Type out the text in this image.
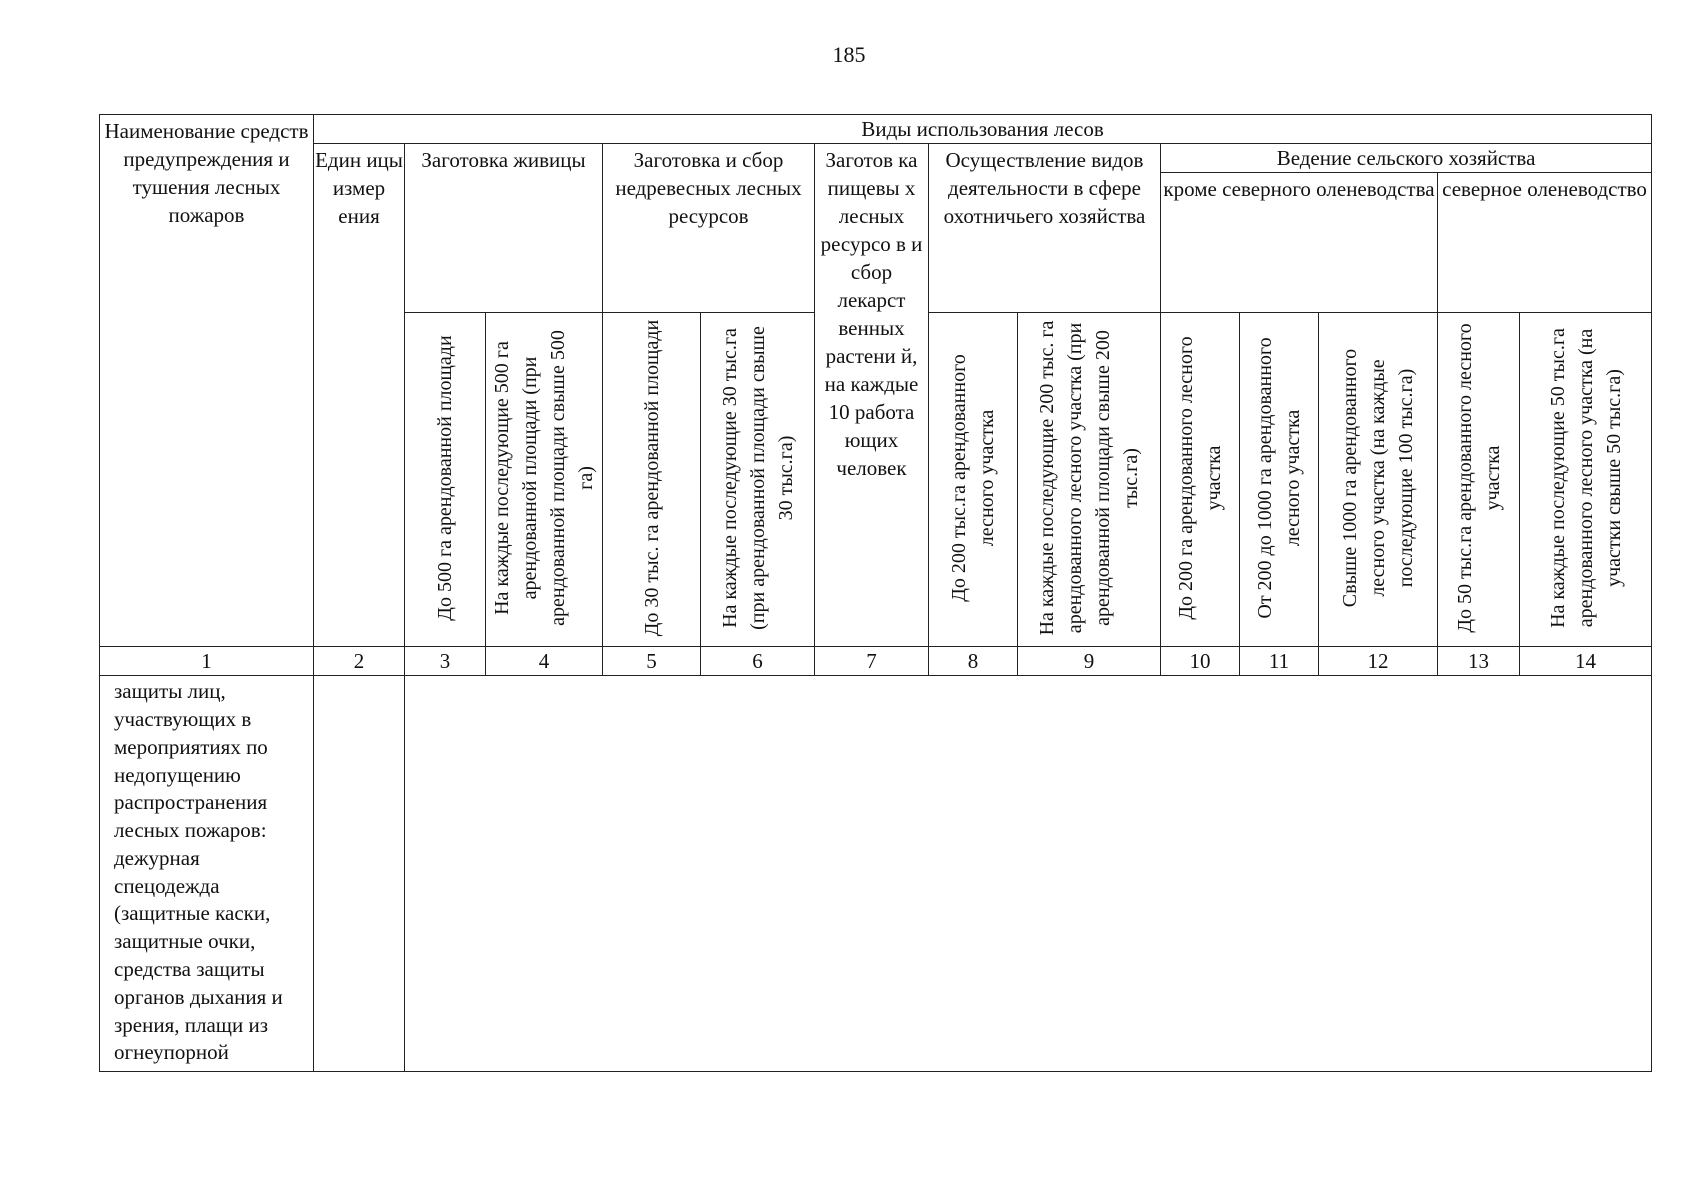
185
Наименование средств предупреждения и тушения лесных пожаров	Виды использования лесов												
	Един ицы измер ения	Заготовка живицы		Заготовка и сбор недревесных лесных ресурсов		Заготов ка пищевы х лесных ресурсо в и сбор лекарст венных растени й, на каждые 10 работа ющих человек	Осуществление видов деятельности в сфере охотничьего хозяйства		Ведение сельского хозяйства				
									кроме северного оленеводства			северное оленеводство	

		До 500 га арендованной площади	На каждые последующие 500 га арендованной площади (при арендованной площади свыше 500 га)	До 30 тыс. га арендованной площади	На каждые последующие 30 тыс.га (при арендованной площади свыше 30 тыс.га)		До 200 тыс.га арендованного лесного участка	На каждые последующие 200 тыс. га арендованного лесного участка (при арендованной площади свыше 200 тыс.га)	До 200 га арендованного лесного участка	От 200 до 1000 га арендованного лесного участка	Свыше 1000 га арендованного лесного участка (на каждые последующие 100 тыс.га)	До 50 тыс.га арендованного лесного участка	На каждые последующие 50 тыс.га арендованного лесного участка (на участки свыше 50 тыс.га)

1	2	3	4	5	6	7	8	9	10	11	12	13	14
защиты лиц, участвующих в мероприятиях по недопущению распространения лесных пожаров: дежурная спецодежда (защитные каски, защитные очки, средства защиты органов дыхания и зрения, плащи из огнеупорной													
